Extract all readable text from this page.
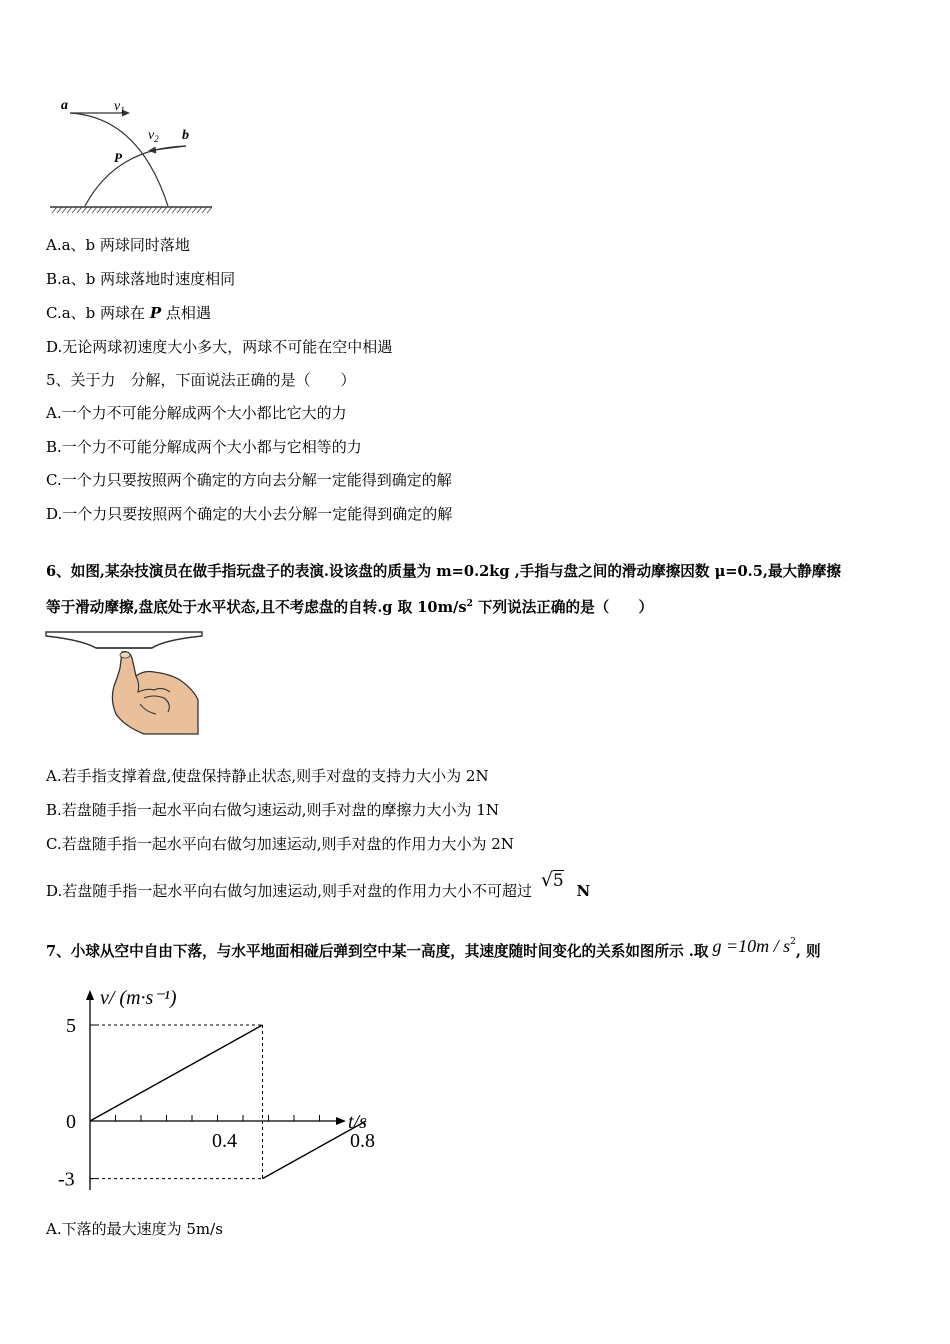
a	$v_1$
$v_2$ b
P
A.a、b 两球同时落地
B.a、b 两球落地时速度相同
C.a、b 两球在 P 点相遇
D.无论两球初速度大小多大，两球不可能在空中相遇
5、关于力　分解，下面说法正确的是（　　）
A.一个力不可能分解成两个大小都比它大的力
B.一个力不可能分解成两个大小都与它相等的力
C.一个力只要按照两个确定的方向去分解一定能得到确定的解
D.一个力只要按照两个确定的大小去分解一定能得到确定的解
6、如图,某杂技演员在做手指玩盘子的表演.设该盘的质量为 m=0.2kg ,手指与盘之间的滑动摩擦因数 μ=0.5,最大静摩擦
等于滑动摩擦,盘底处于水平状态,且不考虑盘的自转.g 取 $10m/s^2$ 下列说法正确的是（　　）
A.若手指支撑着盘,使盘保持静止状态,则手对盘的支持力大小为 2N
B.若盘随手指一起水平向右做匀速运动,则手对盘的摩擦力大小为 1N
C.若盘随手指一起水平向右做匀加速运动,则手对盘的作用力大小为 2N
D.若盘随手指一起水平向右做匀加速运动,则手对盘的作用力大小不可超过 √5 N
7、小球从空中自由下落，与水平地面相碰后弹到空中某一高度，其速度随时间变化的关系如图所示 .取 $g =10m / s^2$, 则
0.4	0.8
5
0
-3
v/ (m·s⁻¹)
t/s
A.下落的最大速度为 5m/s
